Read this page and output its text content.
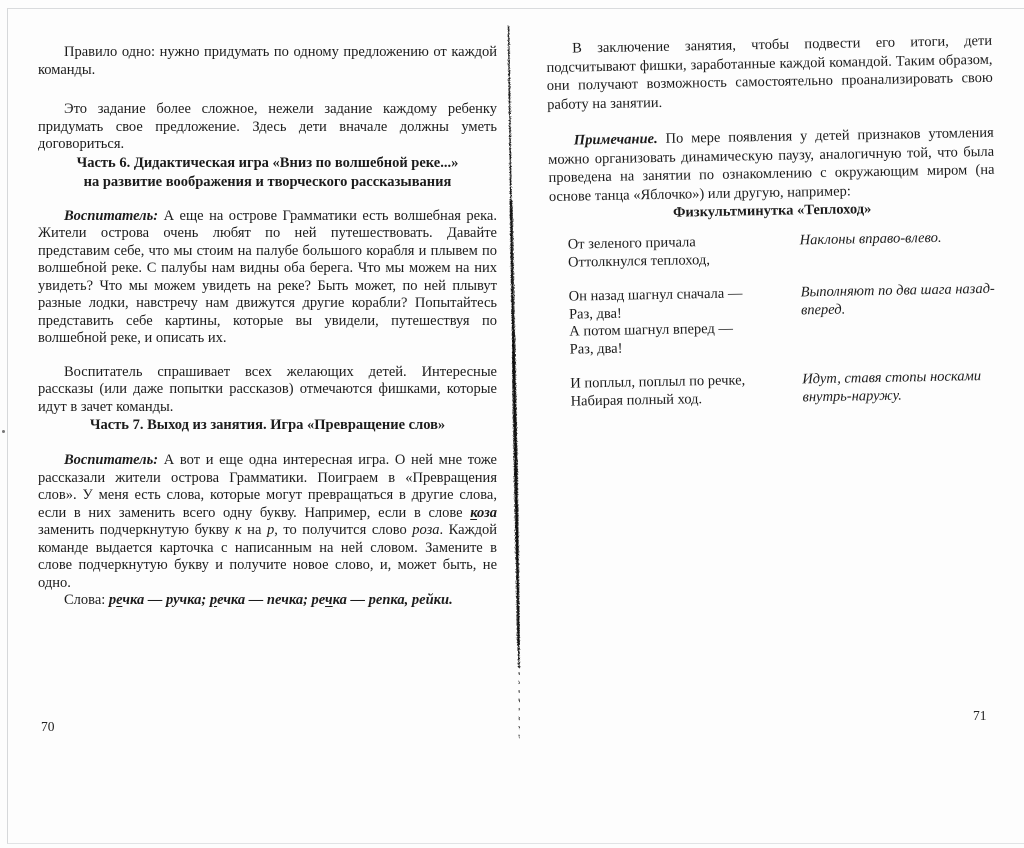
Правило одно: нужно придумать по одному предложению от каждой команды.

Это задание более сложное, нежели задание каждому ребенку придумать свое предложение. Здесь дети вначале должны уметь договориться.

Часть 6. Дидактическая игра «Вниз по волшебной реке...»
на развитие воображения и творческого рассказывания

Воспитатель: А еще на острове Грамматики есть волшебная река. Жители острова очень любят по ней путешествовать. Давайте представим себе, что мы стоим на палубе большого корабля и плывем по волшебной реке. С палубы нам видны оба берега. Что мы можем на них увидеть? Что мы можем увидеть на реке? Быть может, по ней плывут разные лодки, навстречу нам движутся другие корабли? Попытайтесь представить себе картины, которые вы увидели, путешествуя по волшебной реке, и описать их.

Воспитатель спрашивает всех желающих детей. Интересные рассказы (или даже попытки рассказов) отмечаются фишками, которые идут в зачет команды.

Часть 7. Выход из занятия. Игра «Превращение слов»

Воспитатель: А вот и еще одна интересная игра. О ней мне тоже рассказали жители острова Грамматики. Поиграем в «Превращения слов». У меня есть слова, которые могут превращаться в другие слова, если в них заменить всего одну букву. Например, если в слове коза заменить подчеркнутую букву к на р, то получится слово роза. Каждой команде выдается карточка с написанным на ней словом. Замените в слове подчеркнутую букву и получите новое слово, и, может быть, не одно.

Слова: речка — ручка; речка — печка; речка — репка, рейки.

В заключение занятия, чтобы подвести его итоги, дети подсчитывают фишки, заработанные каждой командой. Таким образом, они получают возможность самостоятельно проанализировать свою работу на занятии.

Примечание. По мере появления у детей признаков утомления можно организовать динамическую паузу, аналогичную той, что была проведена на занятии по ознакомлению с окружающим миром (на основе танца «Яблочко») или другую, например:

Физкультминутка «Теплоход»

От зеленого причала
Оттолкнулся теплоход,
Наклоны вправо-влево.
Он назад шагнул сначала —
Раз, два!
А потом шагнул вперед —
Раз, два!
Выполняют по два шага назад-вперед.
И поплыл, поплыл по речке,
Набирая полный ход.
Идут, ставя стопы носками внутрь-наружу.
70
71
